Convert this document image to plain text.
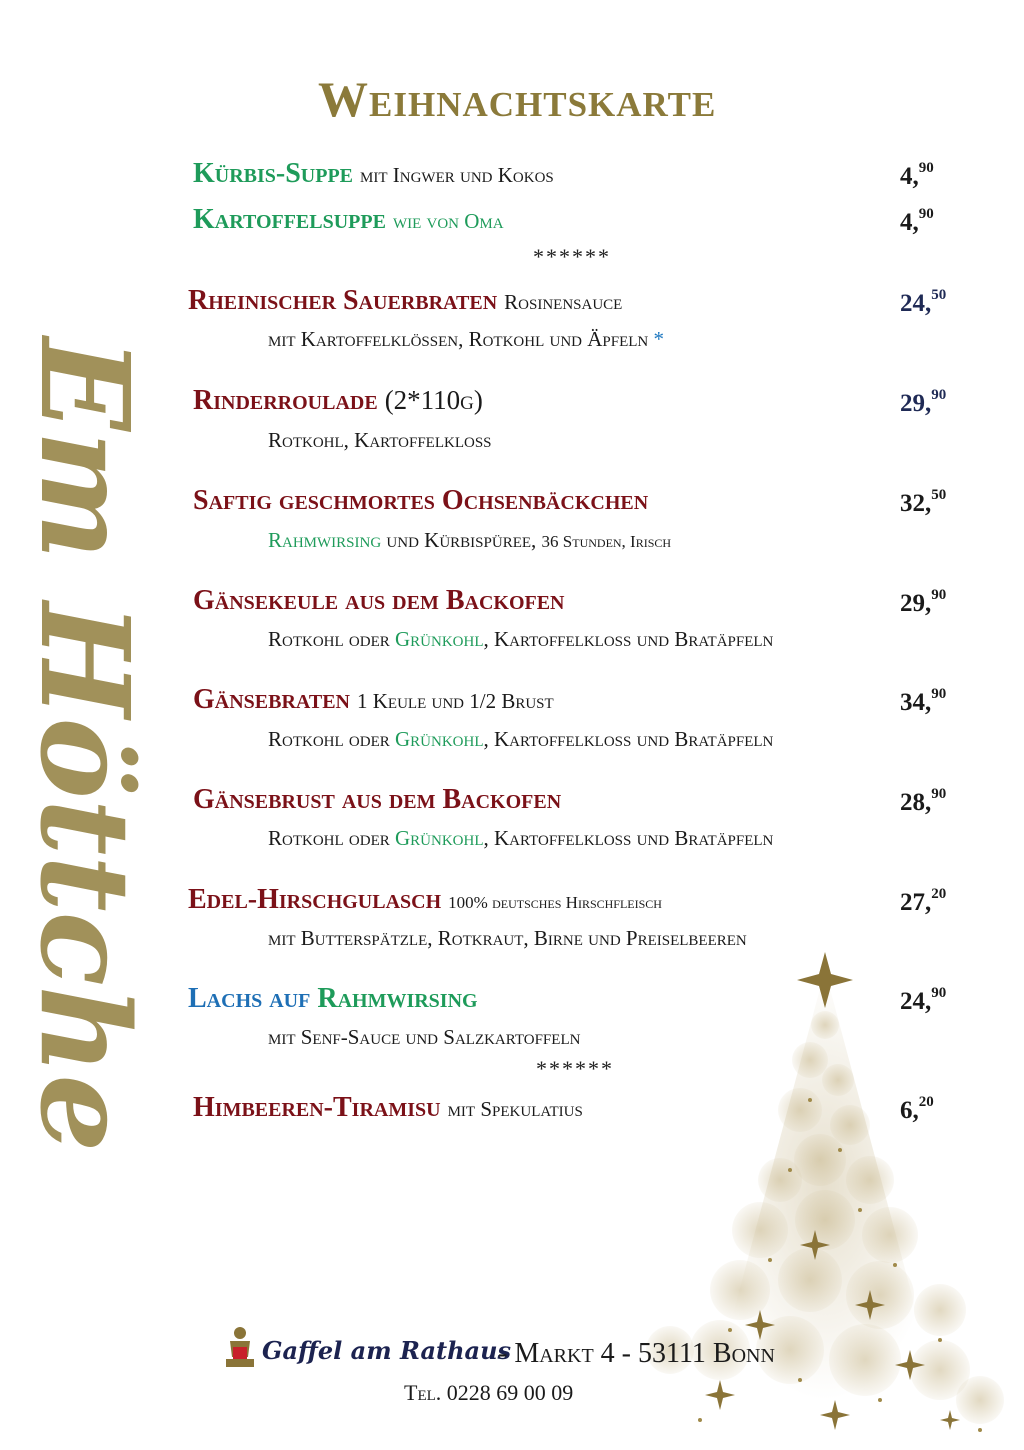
Weihnachtskarte
Em Höttche
Kürbis-Suppe mit Ingwer und Kokos	4,90
Kartoffelsuppe wie von Oma	4,90
******
Rheinischer Sauerbraten Rosinensauce	24,50
mit Kartoffelklößen, Rotkohl und Äpfeln *
Rinderroulade (2*110g)	29,90
Rotkohl, Kartoffelkloß
Saftig geschmortes Ochsenbäckchen	32,50
Rahmwirsing und Kürbispüree, 36 Stunden, Irisch
Gänsekeule aus dem Backofen	29,90
Rotkohl oder Grünkohl, Kartoffelkloß und Bratäpfeln
Gänsebraten 1 Keule und 1/2 Brust	34,90
Rotkohl oder Grünkohl, Kartoffelkloß und Bratäpfeln
Gänsebrust aus dem Backofen	28,90
Rotkohl oder Grünkohl, Kartoffelkloß und Bratäpfeln
Edel-Hirschgulasch 100% deutsches Hirschfleisch	27,20
mit Butterspätzle, Rotkraut, Birne und Preiselbeeren
Lachs auf Rahmwirsing	24,90
mit Senf-Sauce und Salzkartoffeln
******
Himbeeren-Tiramisu mit Spekulatius	6,20
Gaffel am Rathaus
- Markt 4 - 53111 Bonn
Tel. 0228 69 00 09
